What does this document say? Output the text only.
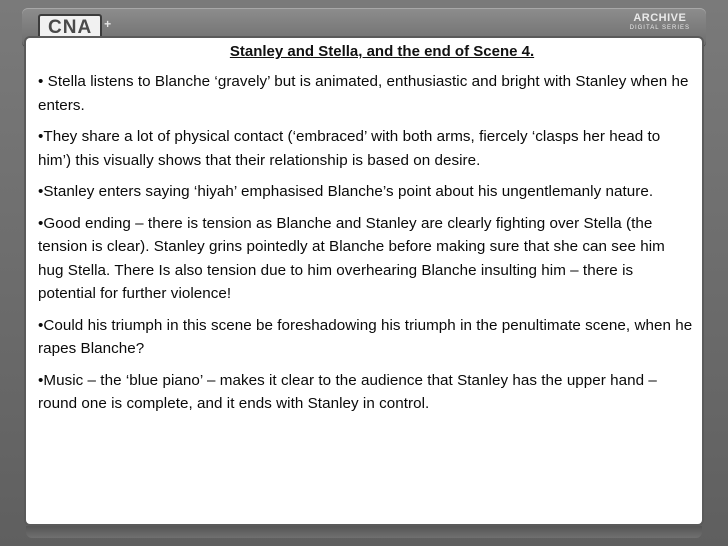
CNA	+	ARCHIVE
DIGITAL SERIES
Stanley and Stella, and the end of Scene 4.
• Stella listens to Blanche ‘gravely’ but is animated, enthusiastic and bright with Stanley when he enters.
•They share a lot of physical contact (‘embraced’ with both arms, fiercely ‘clasps her head to him’) this visually shows that their relationship is based on desire.
•Stanley enters saying ‘hiyah’ emphasised Blanche’s point about his ungentlemanly nature.
•Good ending – there is tension as Blanche and Stanley are clearly fighting over Stella (the tension is clear). Stanley grins pointedly at Blanche before making sure that she can see him hug Stella. There Is also tension due to him overhearing Blanche insulting him – there is potential for further violence!
•Could his triumph in this scene be foreshadowing his triumph in the penultimate scene, when he rapes Blanche?
•Music – the ‘blue piano’ – makes it clear to the audience that Stanley has the upper hand – round one is complete, and it ends with Stanley in control.
